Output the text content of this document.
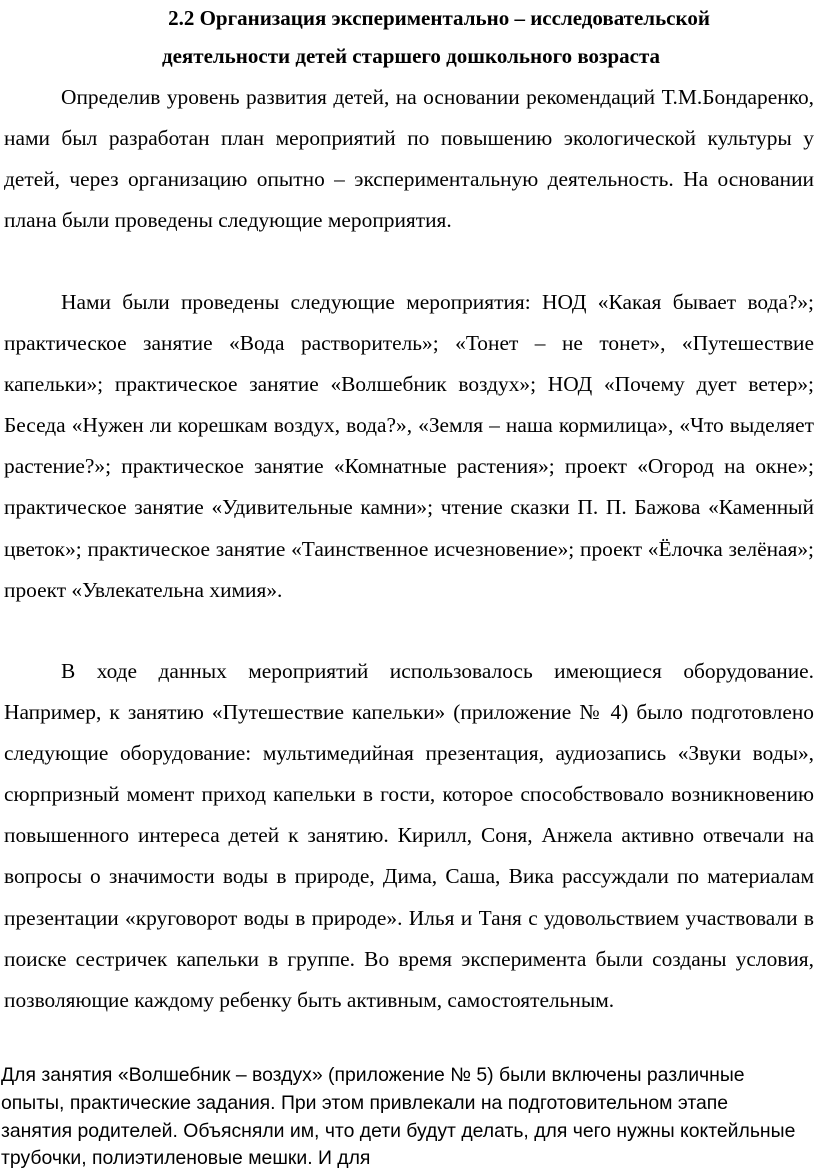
2.2 Организация экспериментально – исследовательской
деятельности детей старшего дошкольного возраста

Определив уровень развития детей, на основании рекомендаций Т.М.Бондаренко, нами был разработан план мероприятий по повышению экологической культуры у детей, через организацию опытно – экспериментальную деятельность. На основании плана были проведены следующие мероприятия.

Нами были проведены следующие мероприятия: НОД «Какая бывает вода?»; практическое занятие «Вода растворитель»; «Тонет – не тонет», «Путешествие капельки»; практическое занятие «Волшебник воздух»; НОД «Почему дует ветер»; Беседа «Нужен ли корешкам воздух, вода?», «Земля – наша кормилица», «Что выделяет растение?»; практическое занятие «Комнатные растения»; проект «Огород на окне»; практическое занятие «Удивительные камни»; чтение сказки П. П. Бажова «Каменный цветок»; практическое занятие «Таинственное исчезновение»; проект «Ёлочка зелёная»; проект «Увлекательна химия».

В ходе данных мероприятий использовалось имеющиеся оборудование. Например, к занятию «Путешествие капельки» (приложение № 4) было подготовлено следующие оборудование: мультимедийная презентация, аудиозапись «Звуки воды», сюрпризный момент приход капельки в гости, которое способствовало возникновению повышенного интереса детей к занятию. Кирилл, Соня, Анжела активно отвечали на вопросы о значимости воды в природе, Дима, Саша, Вика рассуждали по материалам презентации «круговорот воды в природе». Илья и Таня с удовольствием участвовали в поиске сестричек капельки в группе. Во время эксперимента были созданы условия, позволяющие каждому ребенку быть активным, самостоятельным.

Для занятия «Волшебник – воздух» (приложение № 5) были включены различные опыты, практические задания. При этом привлекали на подготовительном этапе занятия родителей. Объясняли им, что дети будут делать, для чего нужны коктейльные трубочки, полиэтиленовые мешки. И для
